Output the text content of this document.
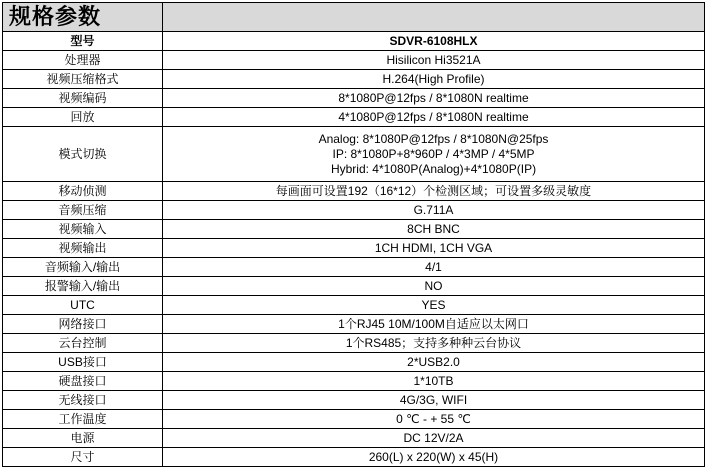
规格参数	
型号	SDVR-6108HLX
处理器	Hisilicon Hi3521A
视频压缩格式	H.264(High Profile)
视频编码	8*1080P@12fps / 8*1080N realtime
回放	4*1080P@12fps / 8*1080N realtime
模式切换	Analog: 8*1080P@12fps / 8*1080N@25fps
IP: 8*1080P+8*960P / 4*3MP / 4*5MP
Hybrid: 4*1080P(Analog)+4*1080P(IP)

移动侦测	每画面可设置192（16*12）个检测区域；可设置多级灵敏度
音频压缩	G.711A
视频输入	8CH BNC
视频输出	1CH HDMI, 1CH VGA
音频输入/输出	4/1
报警输入/输出	NO
UTC	YES
网络接口	1个RJ45 10M/100M自适应以太网口
云台控制	1个RS485；支持多种种云台协议
USB接口	2*USB2.0
硬盘接口	1*10TB
无线接口	4G/3G, WIFI
工作温度	0 ℃ - + 55 ℃
电源	DC 12V/2A
尺寸	260(L) x 220(W) x 45(H)
